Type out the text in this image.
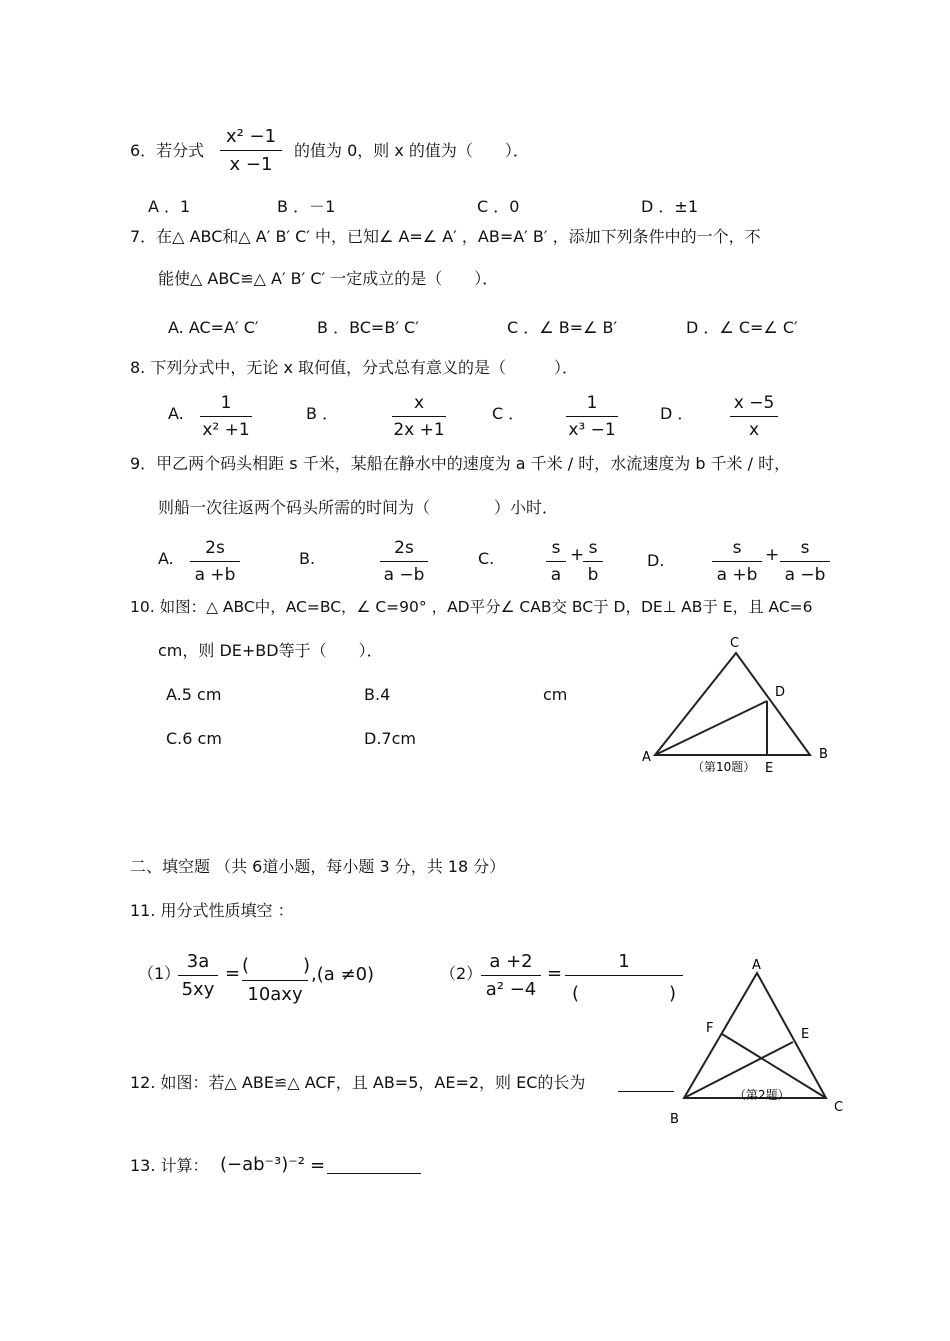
6．若分式
x² −1
x −1
的值为 0，则 x 的值为（　　）．
A ．1	B ．－1	C ．0	D ．±1
7．在△ ABC和△ A′ B′ C′ 中，已知∠ A=∠ A′ ，AB=A′ B′ ，添加下列条件中的一个，不
能使△ ABC≌△ A′ B′ C′ 一定成立的是（　　）．
A. AC=A′ C′	B ．BC=B′ C′	C ．∠ B=∠ B′	D ．∠ C=∠ C′
8. 下列分式中，无论 x 取何值，分式总有意义的是（　　　）．
A.
1
x² +1
B ．
x
2x +1
C ．
1
x³ −1
D ．
x −5
x
9．甲乙两个码头相距 s 千米，某船在静水中的速度为 a 千米 / 时，水流速度为 b 千米 / 时，
则船一次往返两个码头所需的时间为（　　　　）小时．
A.
2s
a +b
B.
2s
a −b
C.
s
a
+ s
b
D.
s
a +b
+	s
a −b
10. 如图：△ ABC中，AC=BC，∠ C=90° ，AD平分∠ CAB交 BC于 D，DE⊥ AB于 E，且 AC=6
cm，则 DE+BD等于（　　）．
A.5 cm	B.4	cm
C.6 cm	D.7cm
A
C
D
B
E
（第10题）
二、填空题 （共 6道小题，每小题 3 分，共 18 分）
11. 用分式性质填空 ：
（1）
3a
5xy
= (　　　)
10axy
,(a ≠0)	（2）
a +2
a² −4
=
1
(　　　　　)
12. 如图：若△ ABE≌△ ACF，且 AB=5，AE=2，则 EC的长为
A
F	E
B
C
（第2题）
13. 计算： (−ab⁻³)⁻² =
